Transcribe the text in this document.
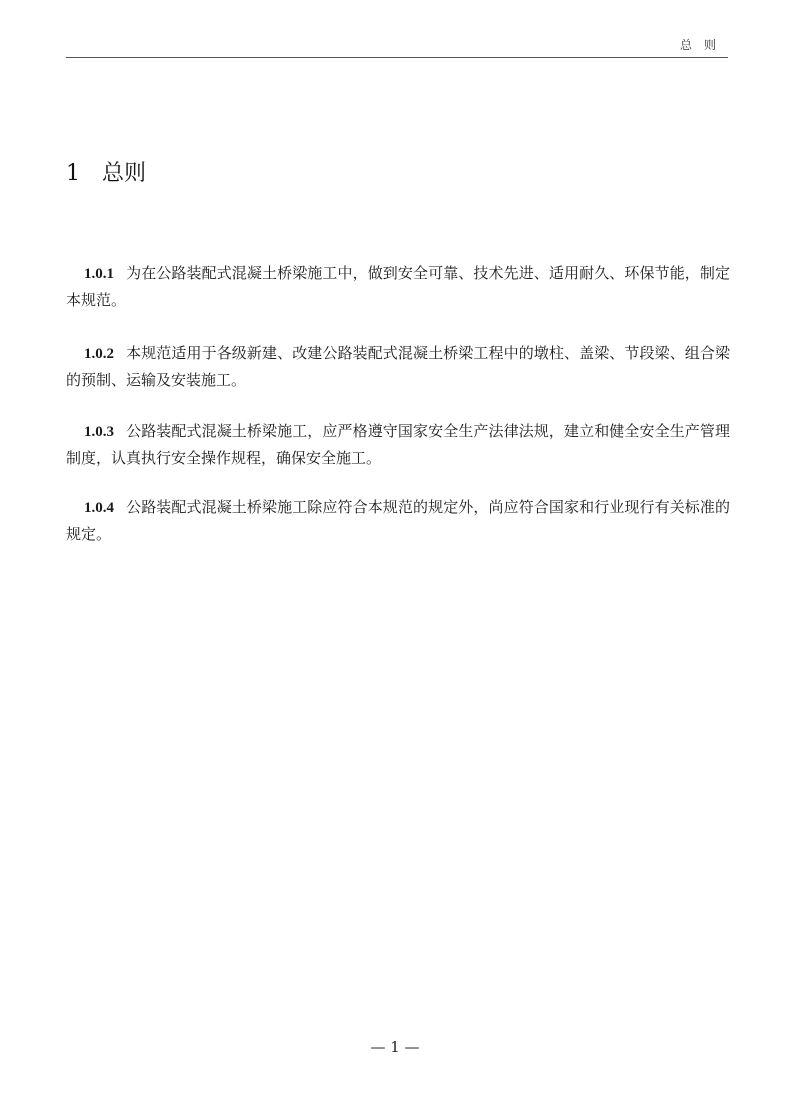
总则
1 总则

1.0.1 为在公路装配式混凝土桥梁施工中，做到安全可靠、技术先进、适用耐久、环保节能，制定本规范。

1.0.2 本规范适用于各级新建、改建公路装配式混凝土桥梁工程中的墩柱、盖梁、节段梁、组合梁的预制、运输及安装施工。

1.0.3 公路装配式混凝土桥梁施工，应严格遵守国家安全生产法律法规，建立和健全安全生产管理制度，认真执行安全操作规程，确保安全施工。

1.0.4 公路装配式混凝土桥梁施工除应符合本规范的规定外，尚应符合国家和行业现行有关标准的规定。

— 1 —
